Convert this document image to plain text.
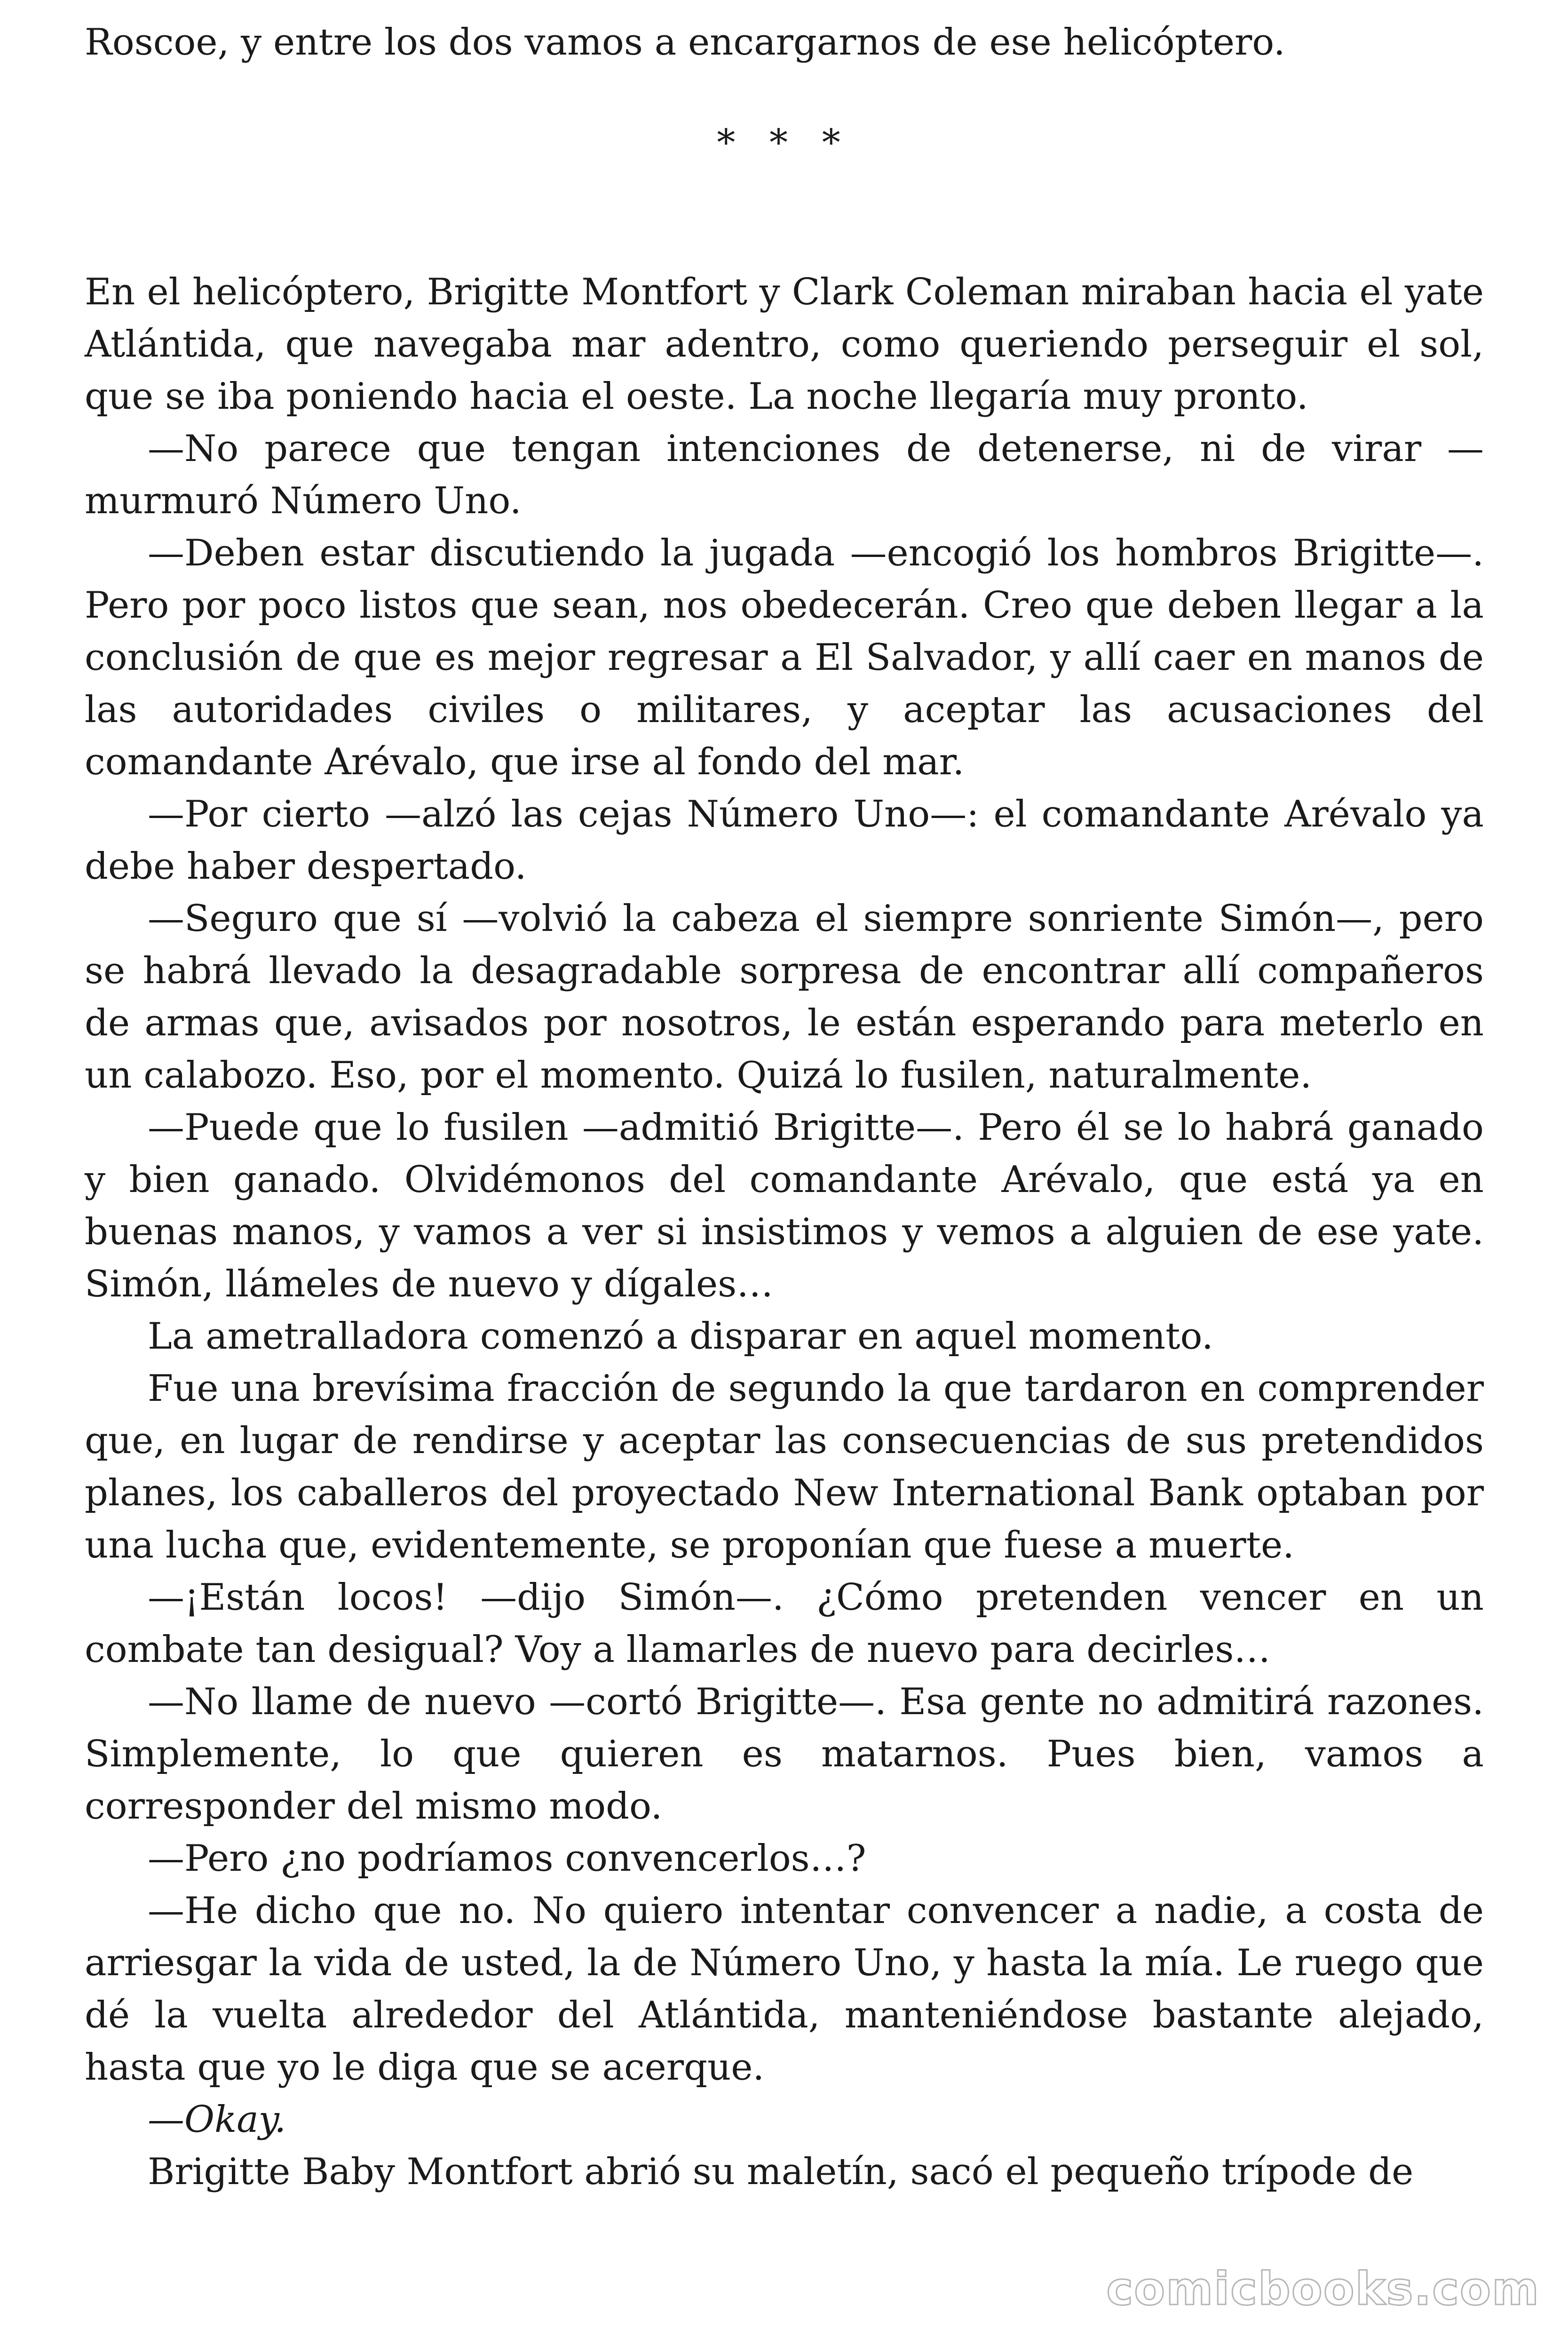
Roscoe, y entre los dos vamos a encargarnos de ese helicóptero.

* * *

En el helicóptero, Brigitte Montfort y Clark Coleman miraban hacia el yate Atlántida, que navegaba mar adentro, como queriendo perseguir el sol, que se iba poniendo hacia el oeste. La noche llegaría muy pronto.

—No parece que tengan intenciones de detenerse, ni de virar —murmuró Número Uno.

—Deben estar discutiendo la jugada —encogió los hombros Brigitte—. Pero por poco listos que sean, nos obedecerán. Creo que deben llegar a la conclusión de que es mejor regresar a El Salvador, y allí caer en manos de las autoridades civiles o militares, y aceptar las acusaciones del comandante Arévalo, que irse al fondo del mar.

—Por cierto —alzó las cejas Número Uno—: el comandante Arévalo ya debe haber despertado.

—Seguro que sí —volvió la cabeza el siempre sonriente Simón—, pero se habrá llevado la desagradable sorpresa de encontrar allí compañeros de armas que, avisados por nosotros, le están esperando para meterlo en un calabozo. Eso, por el momento. Quizá lo fusilen, naturalmente.

—Puede que lo fusilen —admitió Brigitte—. Pero él se lo habrá ganado y bien ganado. Olvidémonos del comandante Arévalo, que está ya en buenas manos, y vamos a ver si insistimos y vemos a alguien de ese yate. Simón, llámeles de nuevo y dígales…

La ametralladora comenzó a disparar en aquel momento.

Fue una brevísima fracción de segundo la que tardaron en comprender que, en lugar de rendirse y aceptar las consecuencias de sus pretendidos planes, los caballeros del proyectado New International Bank optaban por una lucha que, evidentemente, se proponían que fuese a muerte.

—¡Están locos! —dijo Simón—. ¿Cómo pretenden vencer en un combate tan desigual? Voy a llamarles de nuevo para decirles…

—No llame de nuevo —cortó Brigitte—. Esa gente no admitirá razones. Simplemente, lo que quieren es matarnos. Pues bien, vamos a corresponder del mismo modo.

—Pero ¿no podríamos convencerlos…?

—He dicho que no. No quiero intentar convencer a nadie, a costa de arriesgar la vida de usted, la de Número Uno, y hasta la mía. Le ruego que dé la vuelta alrededor del Atlántida, manteniéndose bastante alejado, hasta que yo le diga que se acerque.

—Okay.

Brigitte Baby Montfort abrió su maletín, sacó el pequeño trípode de

comicbooks.com
